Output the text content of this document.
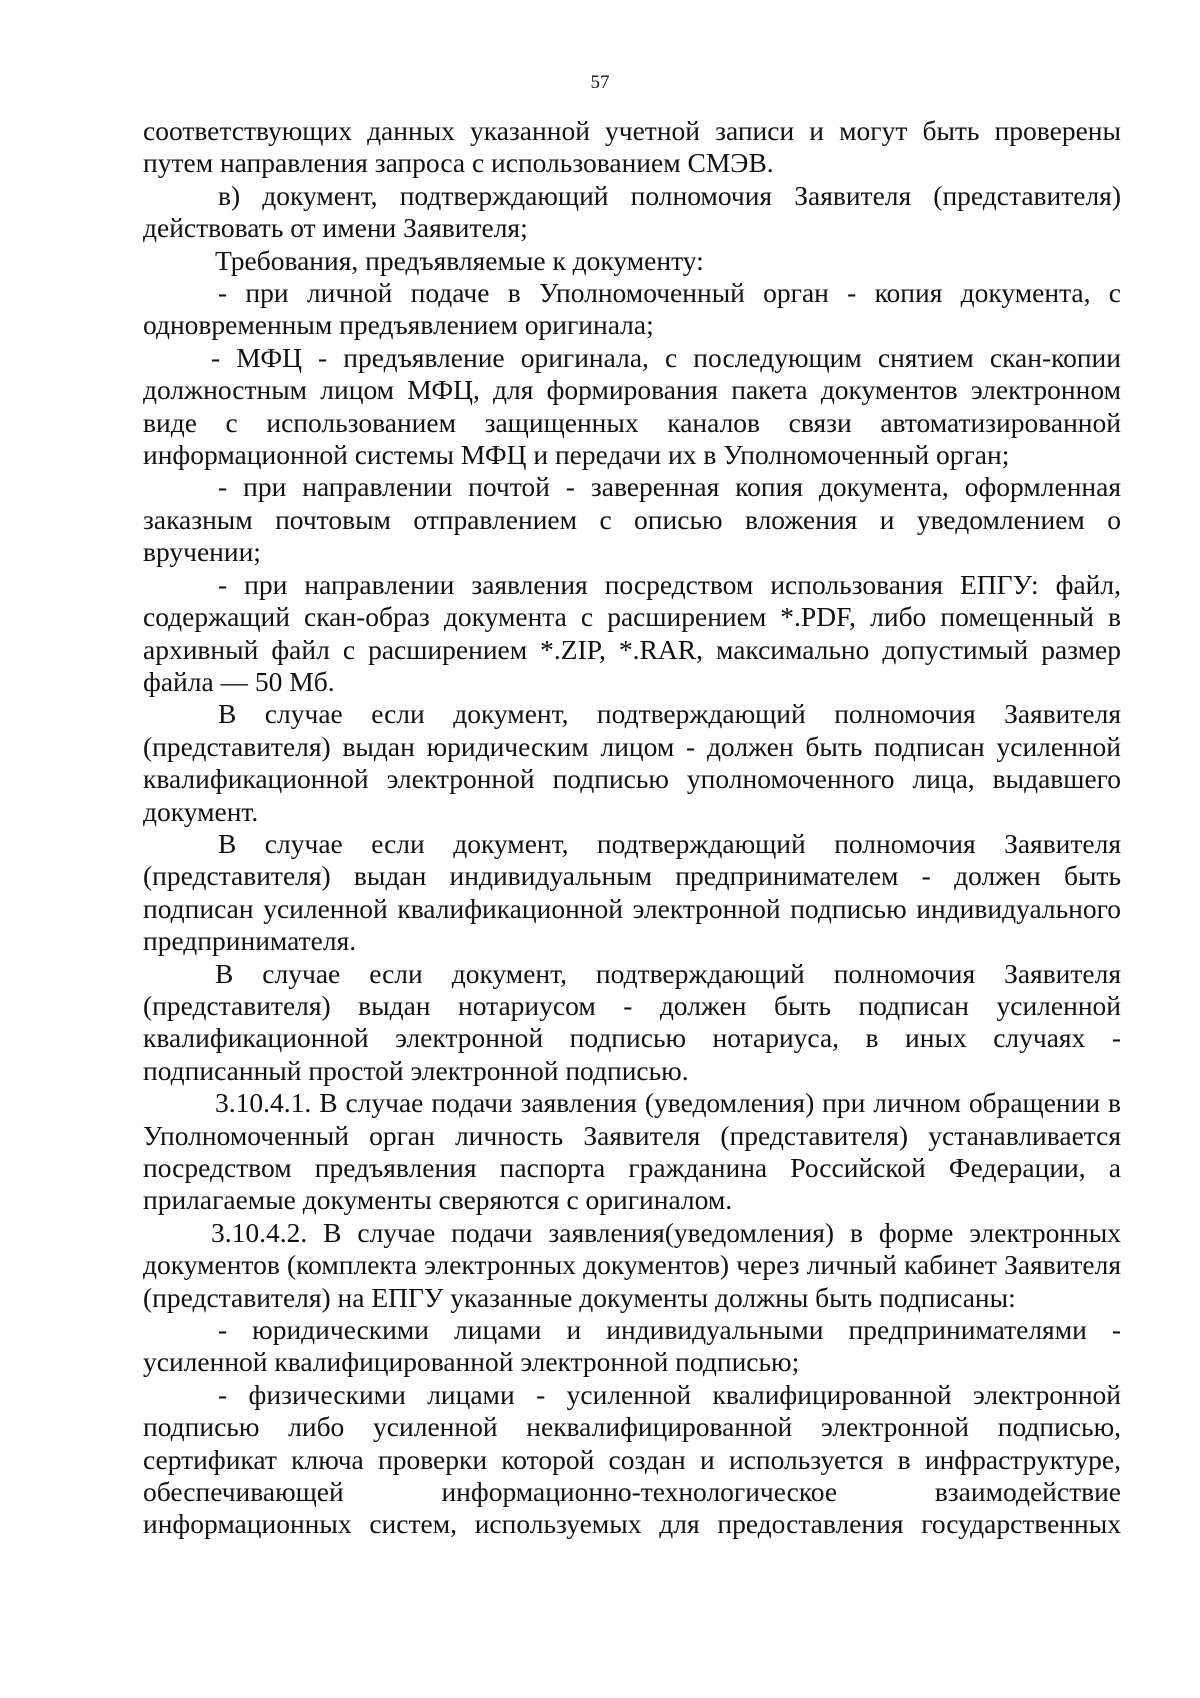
57

соответствующих данных указанной учетной записи и могут быть проверены путем направления запроса с использованием СМЭВ.

в) документ, подтверждающий полномочия Заявителя (представителя) действовать от имени Заявителя;

Требования, предъявляемые к документу:

- при личной подаче в Уполномоченный орган - копия документа, с одновременным предъявлением оригинала;

- МФЦ - предъявление оригинала, с последующим снятием скан-копии должностным лицом МФЦ, для формирования пакета документов электронном виде с использованием защищенных каналов связи автоматизированной информационной системы МФЦ и передачи их в Уполномоченный орган;

- при направлении почтой - заверенная копия документа, оформленная заказным почтовым отправлением с описью вложения и уведомлением о вручении;

- при направлении заявления посредством использования ЕПГУ: файл, содержащий скан-образ документа с расширением *.PDF, либо помещенный в архивный файл с расширением *.ZIP, *.RAR, максимально допустимый размер файла — 50 Мб.

В случае если документ, подтверждающий полномочия Заявителя (представителя) выдан юридическим лицом - должен быть подписан усиленной квалификационной электронной подписью уполномоченного лица, выдавшего документ.

В случае если документ, подтверждающий полномочия Заявителя (представителя) выдан индивидуальным предпринимателем - должен быть подписан усиленной квалификационной электронной подписью индивидуального предпринимателя.

В случае если документ, подтверждающий полномочия Заявителя (представителя) выдан нотариусом - должен быть подписан усиленной квалификационной электронной подписью нотариуса, в иных случаях - подписанный простой электронной подписью.

3.10.4.1. В случае подачи заявления (уведомления) при личном обращении в Уполномоченный орган личность Заявителя (представителя) устанавливается посредством предъявления паспорта гражданина Российской Федерации, а прилагаемые документы сверяются с оригиналом.

3.10.4.2. В случае подачи заявления(уведомления) в форме электронных документов (комплекта электронных документов) через личный кабинет Заявителя (представителя) на ЕПГУ указанные документы должны быть подписаны:

- юридическими лицами и индивидуальными предпринимателями - усиленной квалифицированной электронной подписью;

- физическими лицами - усиленной квалифицированной электронной подписью либо усиленной неквалифицированной электронной подписью, сертификат ключа проверки которой создан и используется в инфраструктуре, обеспечивающей информационно-технологическое взаимодействие информационных систем, используемых для предоставления государственных
